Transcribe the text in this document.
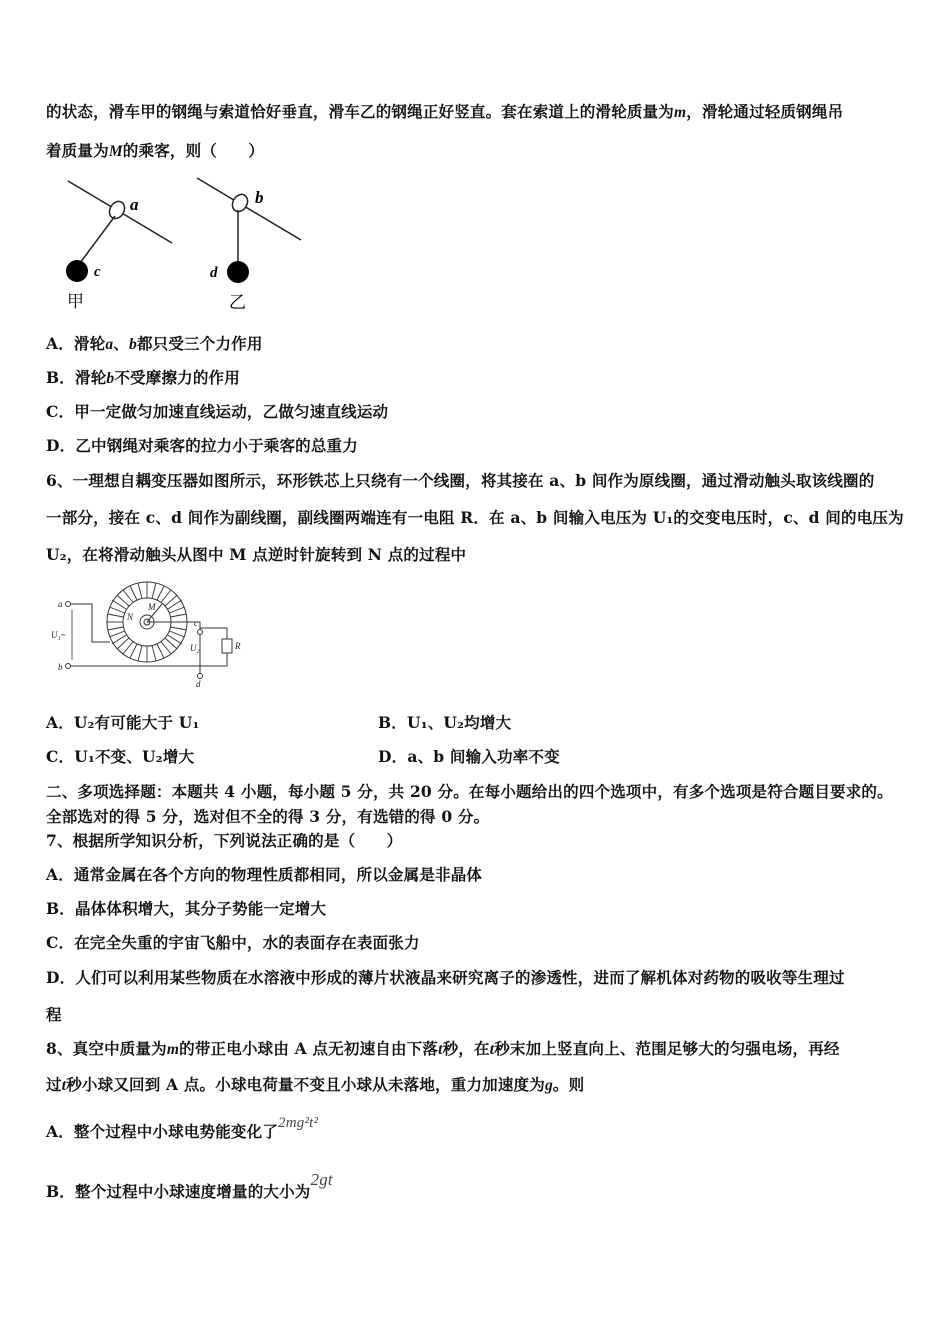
的状态，滑车甲的钢绳与索道恰好垂直，滑车乙的钢绳正好竖直。套在索道上的滑轮质量为m，滑轮通过轻质钢绳吊
着质量为M的乘客，则（　　）
a
c
甲
b
d
乙
A．滑轮a、b都只受三个力作用
B．滑轮b不受摩擦力的作用
C．甲一定做匀加速直线运动，乙做匀速直线运动
D．乙中钢绳对乘客的拉力小于乘客的总重力
6、一理想自耦变压器如图所示，环形铁芯上只绕有一个线圈，将其接在 a、b 间作为原线圈，通过滑动触头取该线圈的
一部分，接在 c、d 间作为副线圈，副线圈两端连有一电阻 R．在 a、b 间输入电压为 U₁的交变电压时，c、d 间的电压为
U₂，在将滑动触头从图中 M 点逆时针旋转到 N 点的过程中
a
b
c
d
M
N
U₁~
U₂	R
A．U₂有可能大于 U₁	B．U₁、U₂均增大
C．U₁不变、U₂增大	D．a、b 间输入功率不变
二、多项选择题：本题共 4 小题，每小题 5 分，共 20 分。在每小题给出的四个选项中，有多个选项是符合题目要求的。
全部选对的得 5 分，选对但不全的得 3 分，有选错的得 0 分。
7、根据所学知识分析，下列说法正确的是（　　）
A．通常金属在各个方向的物理性质都相同，所以金属是非晶体
B．晶体体积增大，其分子势能一定增大
C．在完全失重的宇宙飞船中，水的表面存在表面张力
D．人们可以利用某些物质在水溶液中形成的薄片状液晶来研究离子的渗透性，进而了解机体对药物的吸收等生理过
程
8、真空中质量为m的带正电小球由 A 点无初速自由下落t秒，在t秒末加上竖直向上、范围足够大的匀强电场，再经
过t秒小球又回到 A 点。小球电荷量不变且小球从未落地，重力加速度为g。则
A．整个过程中小球电势能变化了2mg²t²
B．整个过程中小球速度增量的大小为2gt
